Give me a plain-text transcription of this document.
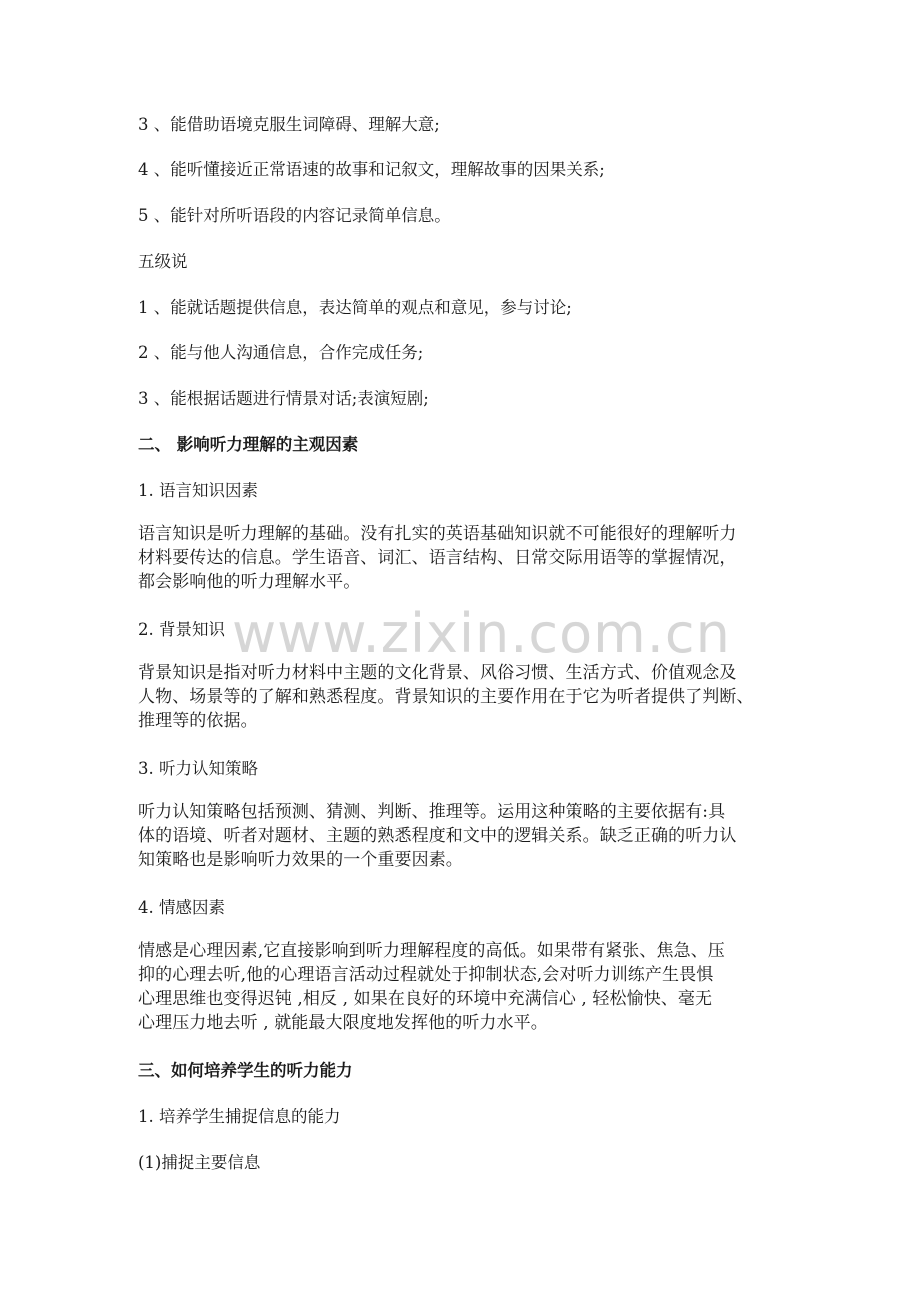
3 、能借助语境克服生词障碍、理解大意;
4 、能听懂接近正常语速的故事和记叙文，理解故事的因果关系;
5 、能针对所听语段的内容记录简单信息。
五级说
1 、能就话题提供信息，表达简单的观点和意见，参与讨论;
2 、能与他人沟通信息，合作完成任务;
3 、能根据话题进行情景对话;表演短剧;
二、 影响听力理解的主观因素
1. 语言知识因素
语言知识是听力理解的基础。没有扎实的英语基础知识就不可能很好的理解听力
材料要传达的信息。学生语音、词汇、语言结构、日常交际用语等的掌握情况，
都会影响他的听力理解水平。
2. 背景知识
背景知识是指对听力材料中主题的文化背景、风俗习惯、生活方式、价值观念及
人物、场景等的了解和熟悉程度。背景知识的主要作用在于它为听者提供了判断、
推理等的依据。
3. 听力认知策略
听力认知策略包括预测、猜测、判断、推理等。运用这种策略的主要依据有:具
体的语境、听者对题材、主题的熟悉程度和文中的逻辑关系。缺乏正确的听力认
知策略也是影响听力效果的一个重要因素。
4. 情感因素
情感是心理因素,它直接影响到听力理解程度的高低。如果带有紧张、焦急、压
抑的心理去听,他的心理语言活动过程就处于抑制状态,会对听力训练产生畏惧
心理思维也变得迟钝 ,相反 , 如果在良好的环境中充满信心 , 轻松愉快、毫无
心理压力地去听 , 就能最大限度地发挥他的听力水平。
三、如何培养学生的听力能力
1. 培养学生捕捉信息的能力
(1)捕捉主要信息
www.zixin.com.cn
